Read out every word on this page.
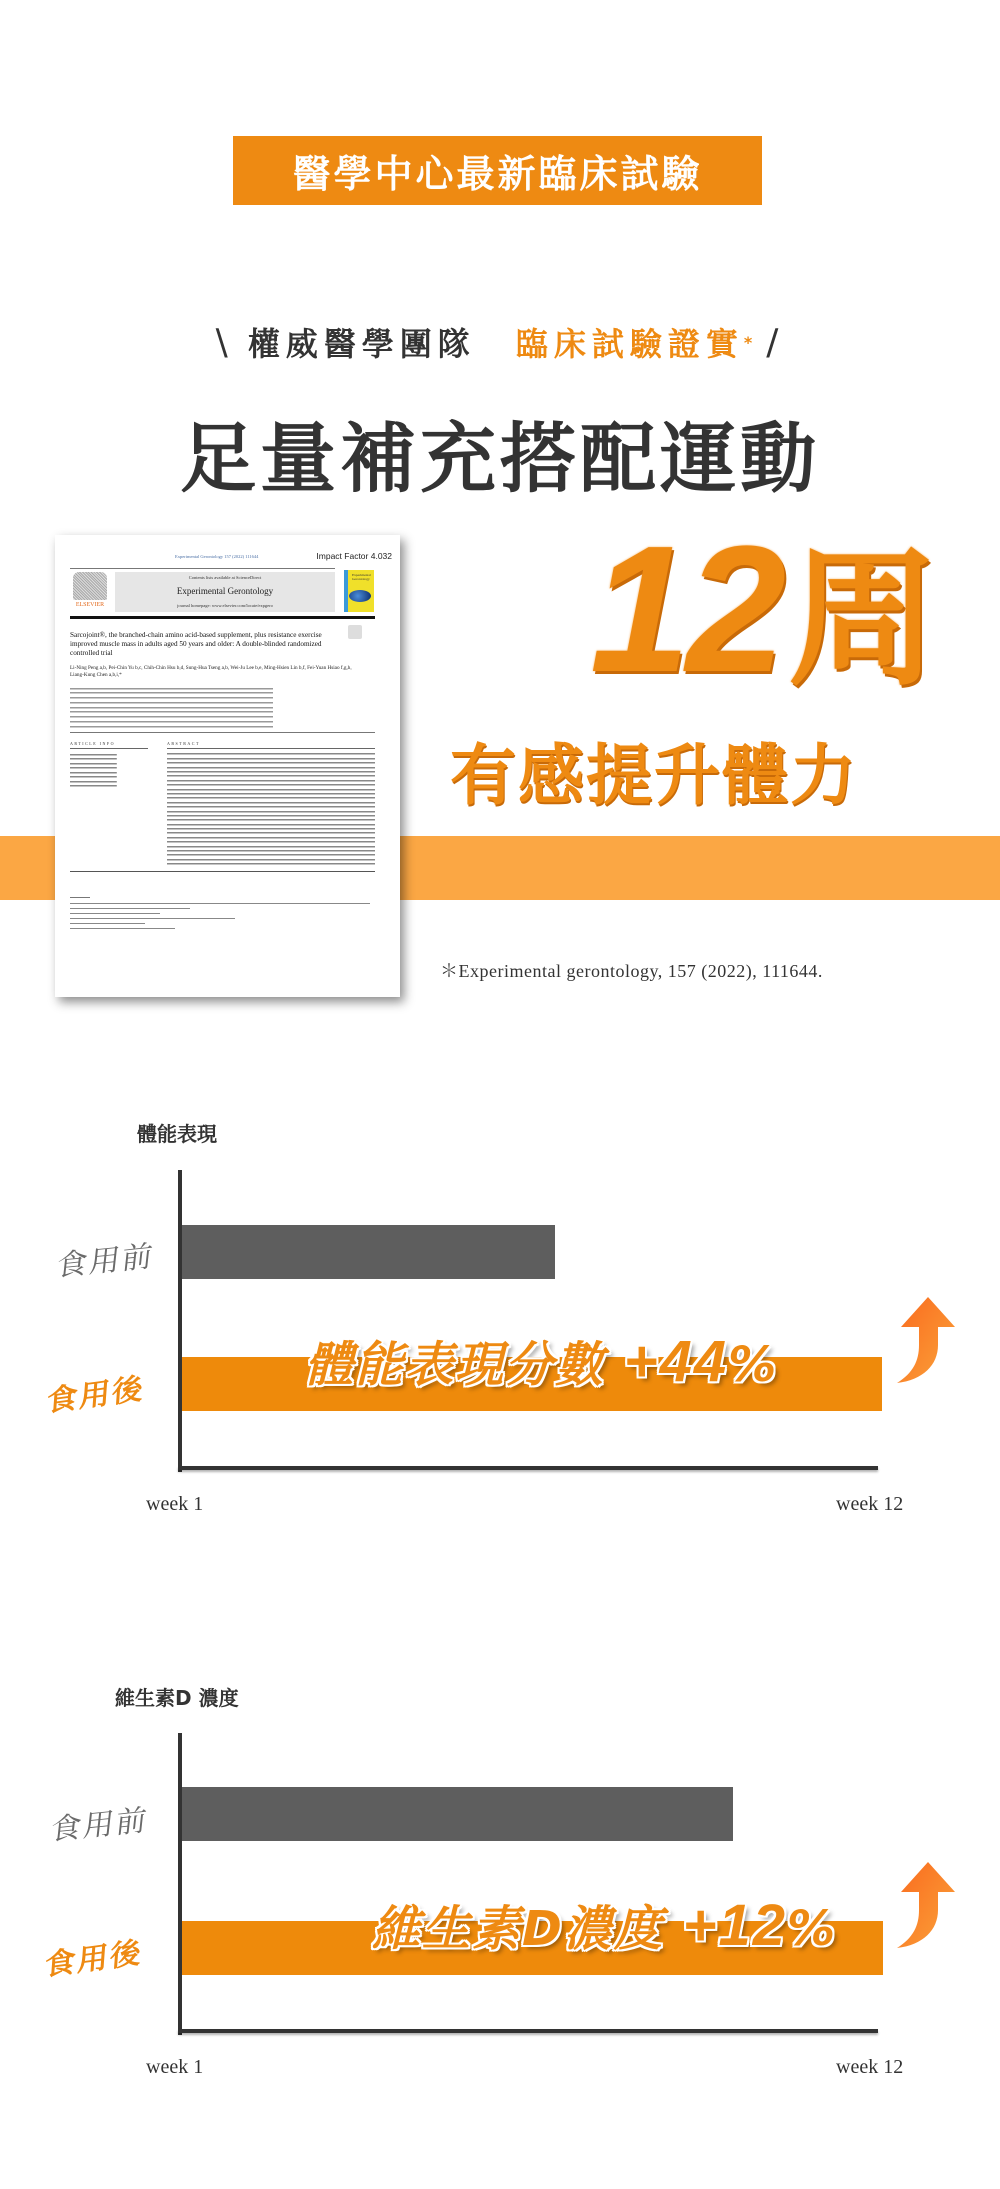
醫學中心最新臨床試驗
\ 權威醫學團隊 臨床試驗證實 * /
足量補充搭配運動
Experimental Gerontology 157 (2022) 111644	Impact Factor 4.032
ELSEVIER
Contents lists available at ScienceDirect
Experimental Gerontology
journal homepage: www.elsevier.com/locate/expgero
Experimental Gerontology
Sarcojoint®, the branched-chain amino acid-based supplement, plus resistance exercise improved muscle mass in adults aged 50 years and older: A double-blinded randomized controlled trial
Li-Ning Peng a,b, Pei-Chin Yu b,c, Chih-Chin Hsu b,d, Sung-Hua Tseng a,b, Wei-Ju Lee b,e, Ming-Hsien Lin b,f, Fei-Yuan Hsiao f,g,h, Liang-Kung Chen a,b,i,*
ARTICLE INFO	ABSTRACT
12周
有感提升體力
＊Experimental gerontology, 157 (2022), 111644.
體能表現
食用前
食用後
體能表現分數 +44%
week 1	week 12
維生素D 濃度
食用前
食用後
維生素D濃度 +12%
week 1	week 12
